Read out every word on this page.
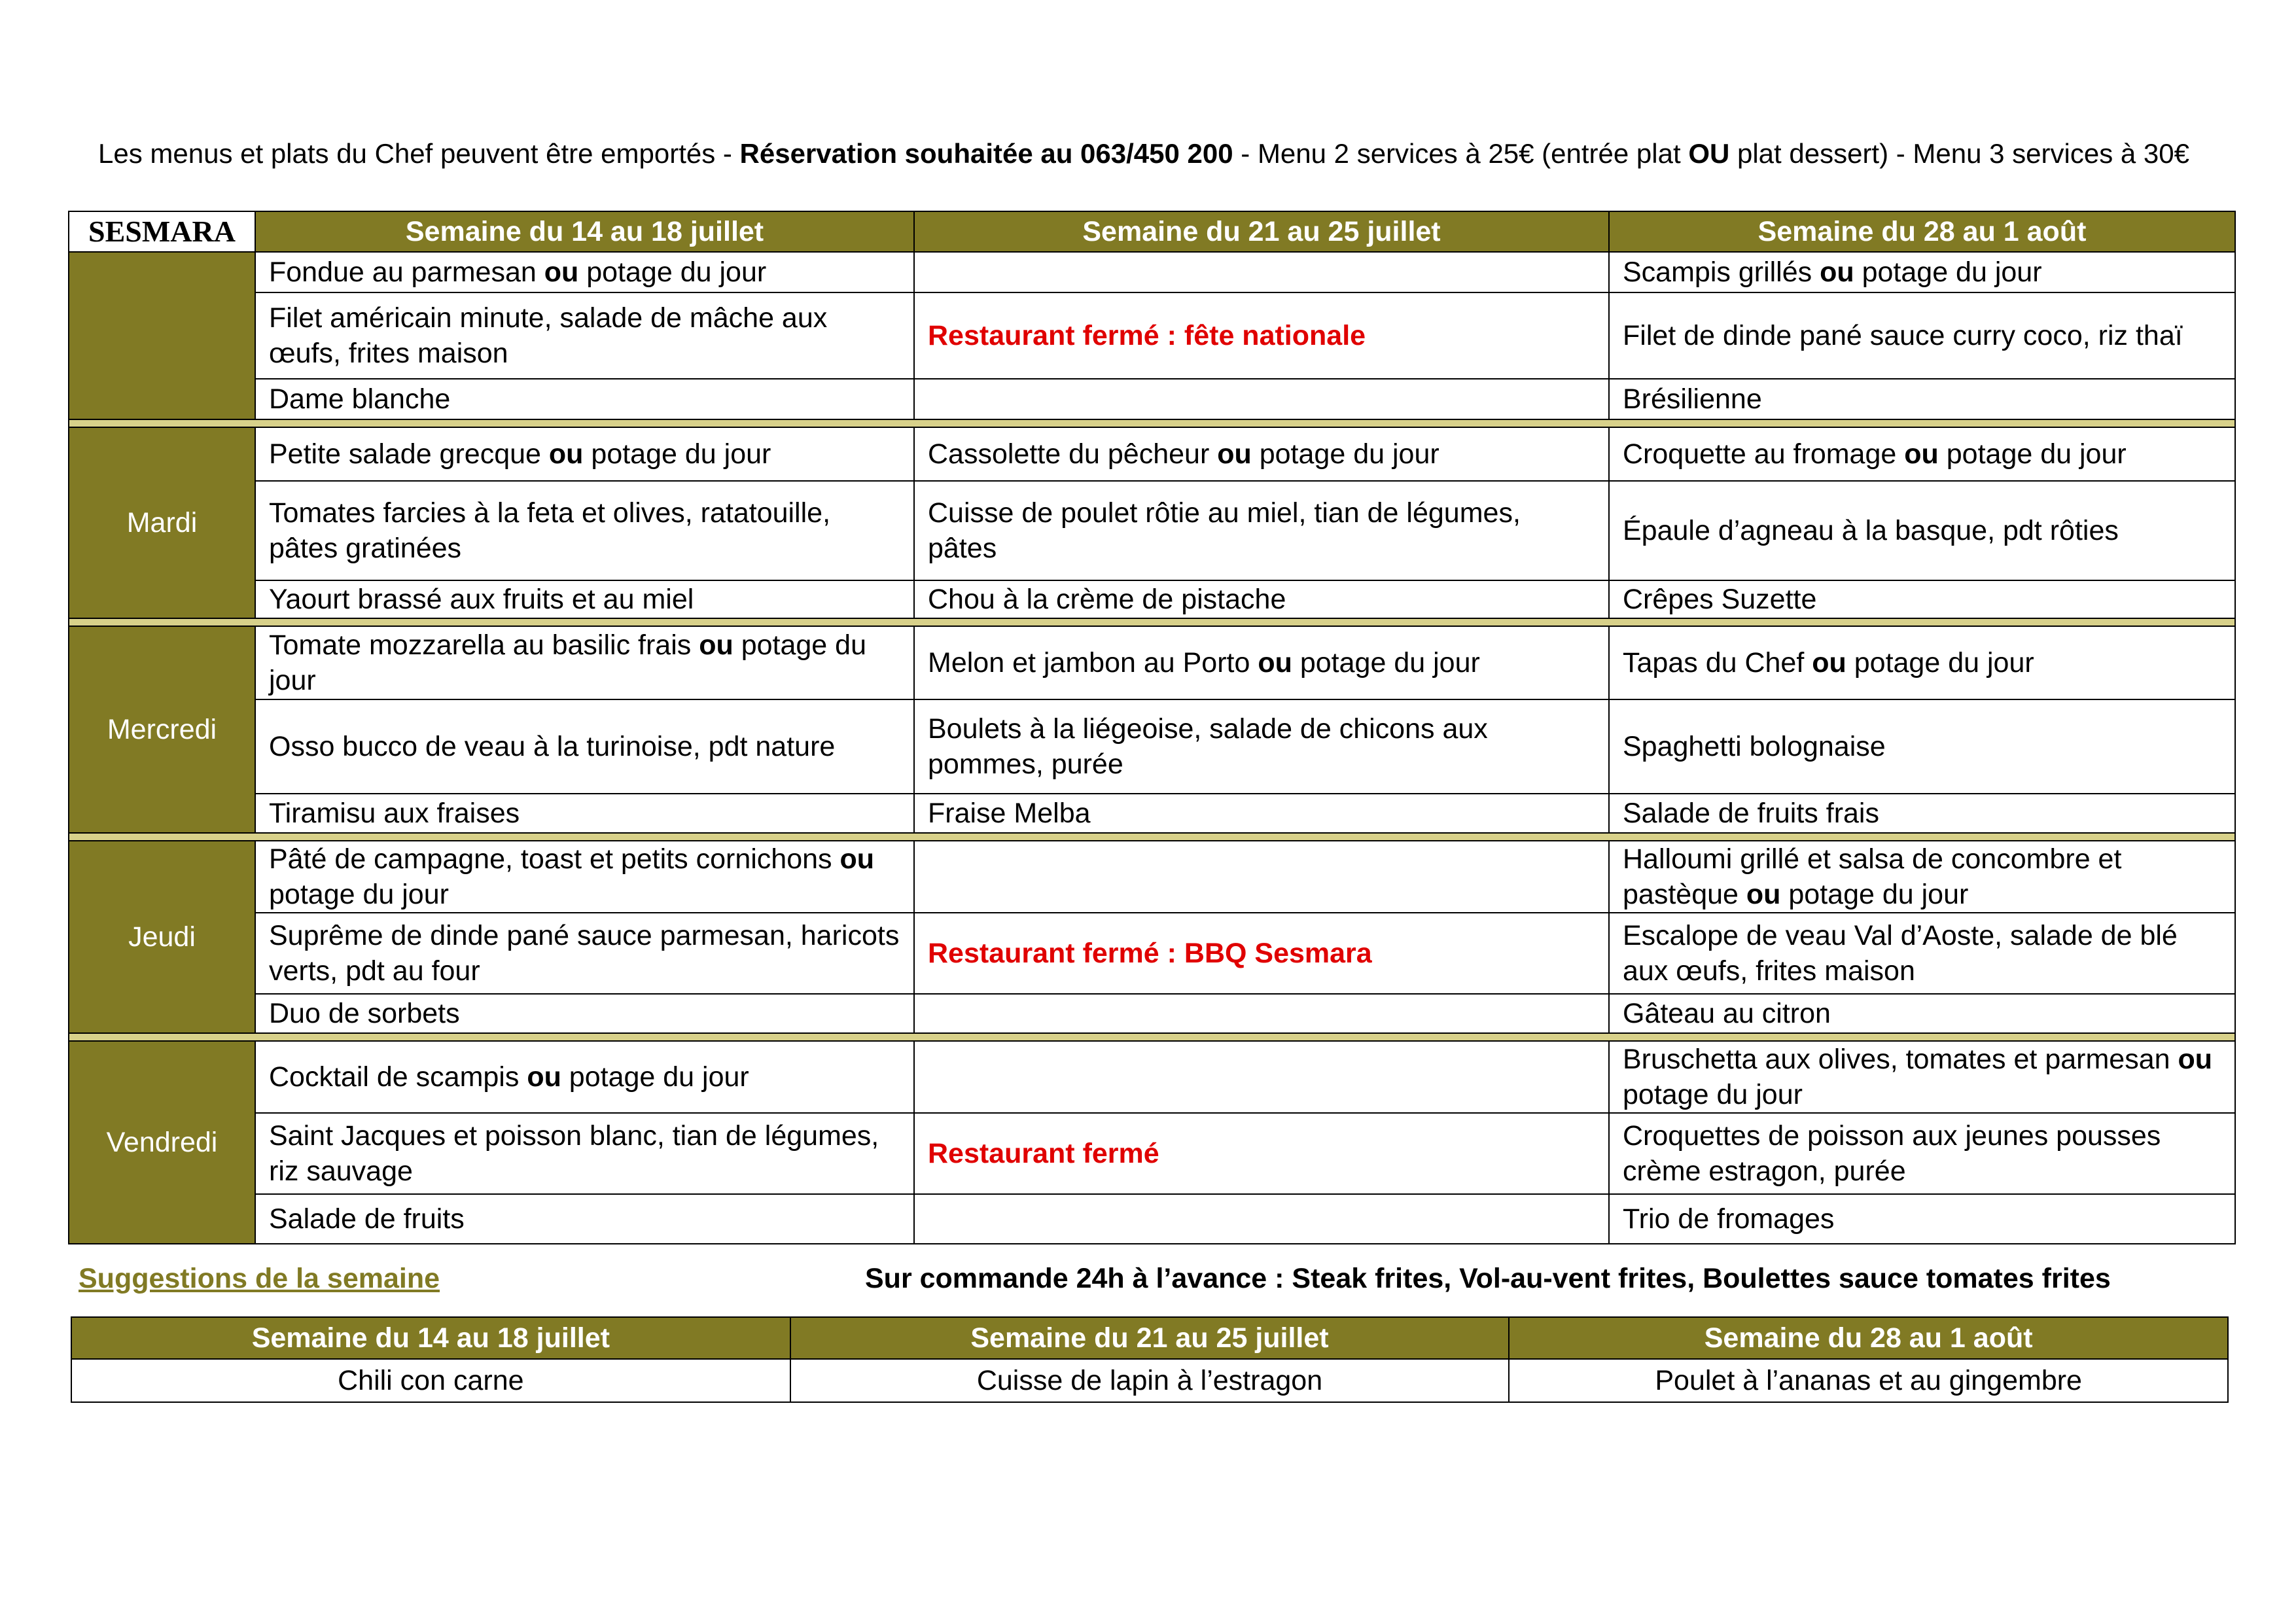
Les menus et plats du Chef peuvent être emportés - Réservation souhaitée au 063/450 200 - Menu 2 services à 25€ (entrée plat OU plat dessert) - Menu 3 services à 30€
SESMARA	Semaine du 14 au 18 juillet	Semaine du 21 au 25 juillet	Semaine du 28 au 1 août
	Fondue au parmesan ou potage du jour		Scampis grillés ou potage du jour
	Filet américain minute, salade de mâche aux œufs, frites maison	Restaurant fermé : fête nationale	Filet de dinde pané sauce curry coco, riz thaï
	Dame blanche		Brésilienne

Mardi	Petite salade grecque ou potage du jour	Cassolette du pêcheur ou potage du jour	Croquette au fromage ou potage du jour
	Tomates farcies à la feta et olives, ratatouille, pâtes gratinées	Cuisse de poulet rôtie au miel, tian de légumes, pâtes	Épaule d’agneau à la basque, pdt rôties
	Yaourt brassé aux fruits et au miel	Chou à la crème de pistache	Crêpes Suzette

Mercredi	Tomate mozzarella au basilic frais ou potage du jour	Melon et jambon au Porto ou potage du jour	Tapas du Chef ou potage du jour
	Osso bucco de veau à la turinoise, pdt nature	Boulets à la liégeoise, salade de chicons aux pommes, purée	Spaghetti bolognaise
	Tiramisu aux fraises	Fraise Melba	Salade de fruits frais

Jeudi	Pâté de campagne, toast et petits cornichons ou potage du jour		Halloumi grillé et salsa de concombre et pastèque ou potage du jour
	Suprême de dinde pané sauce parmesan, haricots verts, pdt au four	Restaurant fermé : BBQ Sesmara	Escalope de veau Val d’Aoste, salade de blé aux œufs, frites maison
	Duo de sorbets		Gâteau au citron

Vendredi	Cocktail de scampis ou potage du jour		Bruschetta aux olives, tomates et parmesan ou potage du jour
	Saint Jacques et poisson blanc, tian de légumes, riz sauvage	Restaurant fermé	Croquettes de poisson aux jeunes pousses crème estragon, purée
	Salade de fruits		Trio de fromages
Suggestions de la semaine	Sur commande 24h à l’avance : Steak frites, Vol-au-vent frites, Boulettes sauce tomates frites
Semaine du 14 au 18 juillet	Semaine du 21 au 25 juillet	Semaine du 28 au 1 août
Chili con carne	Cuisse de lapin à l’estragon	Poulet à l’ananas et au gingembre
